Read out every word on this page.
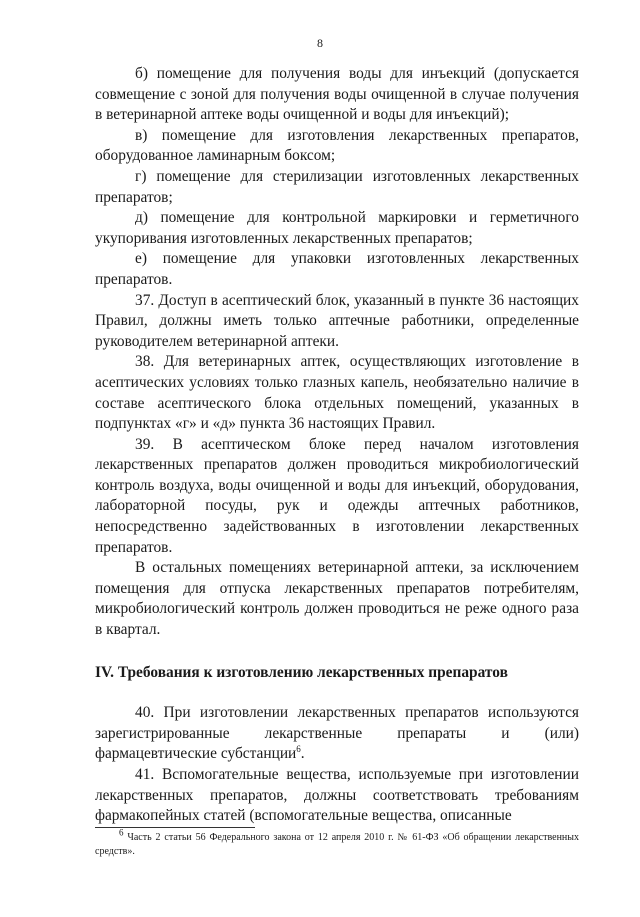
8

б) помещение для получения воды для инъекций (допускается совмещение с зоной для получения воды очищенной в случае получения в ветеринарной аптеке воды очищенной и воды для инъекций);

в) помещение для изготовления лекарственных препаратов, оборудованное ламинарным боксом;

г) помещение для стерилизации изготовленных лекарственных препаратов;

д) помещение для контрольной маркировки и герметичного укупоривания изготовленных лекарственных препаратов;

е) помещение для упаковки изготовленных лекарственных препаратов.

37. Доступ в асептический блок, указанный в пункте 36 настоящих Правил, должны иметь только аптечные работники, определенные руководителем ветеринарной аптеки.

38. Для ветеринарных аптек, осуществляющих изготовление в асептических условиях только глазных капель, необязательно наличие в составе асептического блока отдельных помещений, указанных в подпунктах «г» и «д» пункта 36 настоящих Правил.

39. В асептическом блоке перед началом изготовления лекарственных препаратов должен проводиться микробиологический контроль воздуха, воды очищенной и воды для инъекций, оборудования, лабораторной посуды, рук и одежды аптечных работников, непосредственно задействованных в изготовлении лекарственных препаратов.

В остальных помещениях ветеринарной аптеки, за исключением помещения для отпуска лекарственных препаратов потребителям, микробиологический контроль должен проводиться не реже одного раза в квартал.

IV. Требования к изготовлению лекарственных препаратов

40. При изготовлении лекарственных препаратов используются зарегистрированные лекарственные препараты и (или) фармацевтические субстанции$^6$.

41. Вспомогательные вещества, используемые при изготовлении лекарственных препаратов, должны соответствовать требованиям фармакопейных статей (вспомогательные вещества, описанные

$^6$ Часть 2 статьи 56 Федерального закона от 12 апреля 2010 г. № 61-ФЗ «Об обращении лекарственных средств».
